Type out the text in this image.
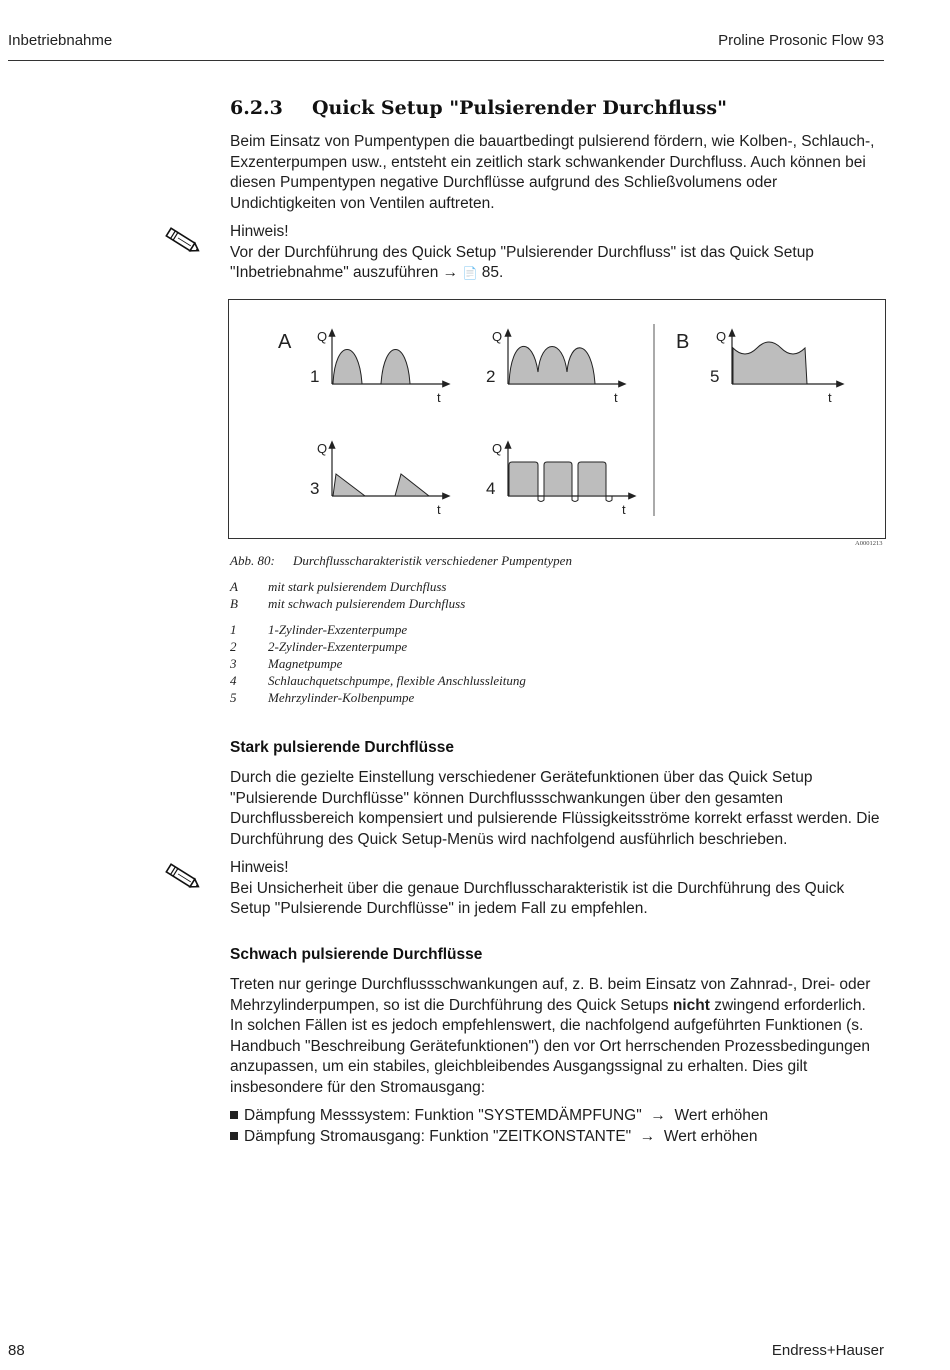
Inbetriebnahme	Proline Prosonic Flow 93
6.2.3 Quick Setup "Pulsierender Durchfluss"

Beim Einsatz von Pumpentypen die bauartbedingt pulsierend fördern, wie Kolben-, Schlauch-, Exzenterpumpen usw., entsteht ein zeitlich stark schwankender Durchfluss. Auch können bei diesen Pumpentypen negative Durchflüsse aufgrund des Schließvolumens oder Undichtigkeiten von Ventilen auftreten.

Hinweis!

Vor der Durchführung des Quick Setup "Pulsierender Durchfluss" ist das Quick Setup "Inbetriebnahme" auszuführen → 📄 85.

A Q
t
1
Q
t
2
B Q
t
5
Q
t
3
Q
t
4
A0001213
Abb. 80: Durchflusscharakteristik verschiedener Pumpentypen
A mit stark pulsierendem Durchfluss
B mit schwach pulsierendem Durchfluss
1 1-Zylinder-Exzenterpumpe
2 2-Zylinder-Exzenterpumpe
3 Magnetpumpe
4 Schlauchquetschpumpe, flexible Anschlussleitung
5 Mehrzylinder-Kolbenpumpe
Stark pulsierende Durchflüsse

Durch die gezielte Einstellung verschiedener Gerätefunktionen über das Quick Setup "Pulsierende Durchflüsse" können Durchflussschwankungen über den gesamten Durchflussbereich kompensiert und pulsierende Flüssigkeitsströme korrekt erfasst werden. Die Durchführung des Quick Setup-Menüs wird nachfolgend ausführlich beschrieben.

Hinweis!

Bei Unsicherheit über die genaue Durchflusscharakteristik ist die Durchführung des Quick Setup "Pulsierende Durchflüsse" in jedem Fall zu empfehlen.

Schwach pulsierende Durchflüsse

Treten nur geringe Durchflussschwankungen auf, z. B. beim Einsatz von Zahnrad-, Drei- oder Mehrzylinderpumpen, so ist die Durchführung des Quick Setups nicht zwingend erforderlich.

In solchen Fällen ist es jedoch empfehlenswert, die nachfolgend aufgeführten Funktionen (s. Handbuch "Beschreibung Gerätefunktionen") den vor Ort herrschenden Prozessbedingungen anzupassen, um ein stabiles, gleichbleibendes Ausgangssignal zu erhalten. Dies gilt insbesondere für den Stromausgang:

Dämpfung Messsystem: Funktion "SYSTEMDÄMPFUNG" → Wert erhöhen
Dämpfung Stromausgang: Funktion "ZEITKONSTANTE" → Wert erhöhen
88	Endress+Hauser
